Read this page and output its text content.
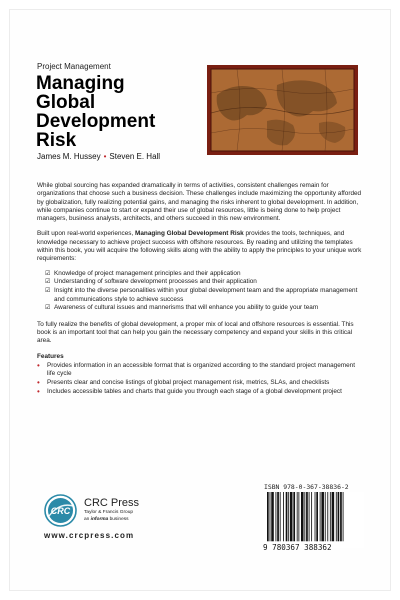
Project Management
Managing
Global
Development
Risk
James M. Hussey • Steven E. Hall

While global sourcing has expanded dramatically in terms of activities, consistent challenges remain for organizations that choose such a business decision. These challenges include maximizing the opportunity afforded by globalization, fully realizing potential gains, and managing the risks inherent to global development. In addition, while companies continue to start or expand their use of global resources, little is being done to help project managers, business analysts, architects, and others succeed in this new environment.

Built upon real-world experiences, Managing Global Development Risk provides the tools, techniques, and knowledge necessary to achieve project success with offshore resources. By reading and utilizing the templates within this book, you will acquire the following skills along with the ability to apply the principles to your unique work requirements:

☑ Knowledge of project management principles and their application
☑ Understanding of software development processes and their application
☑ Insight into the diverse personalities within your global development team and the appropriate management and communications style to achieve success
☑ Awareness of cultural issues and mannerisms that will enhance you ability to guide your team

To fully realize the benefits of global development, a proper mix of local and offshore resources is essential. This book is an important tool that can help you gain the necessary competency and expand your skills in this critical area.

Features
•	Provides information in an accessible format that is organized according to the standard project management life cycle
•	Presents clear and concise listings of global project management risk, metrics, SLAs, and checklists
•	Includes accessible tables and charts that guide you through each stage of a global development project
CRC
CRC Press
Taylor & Francis Group
an informa business
www.crcpress.com
ISBN 978-0-367-38836-2
9 780367 388362
